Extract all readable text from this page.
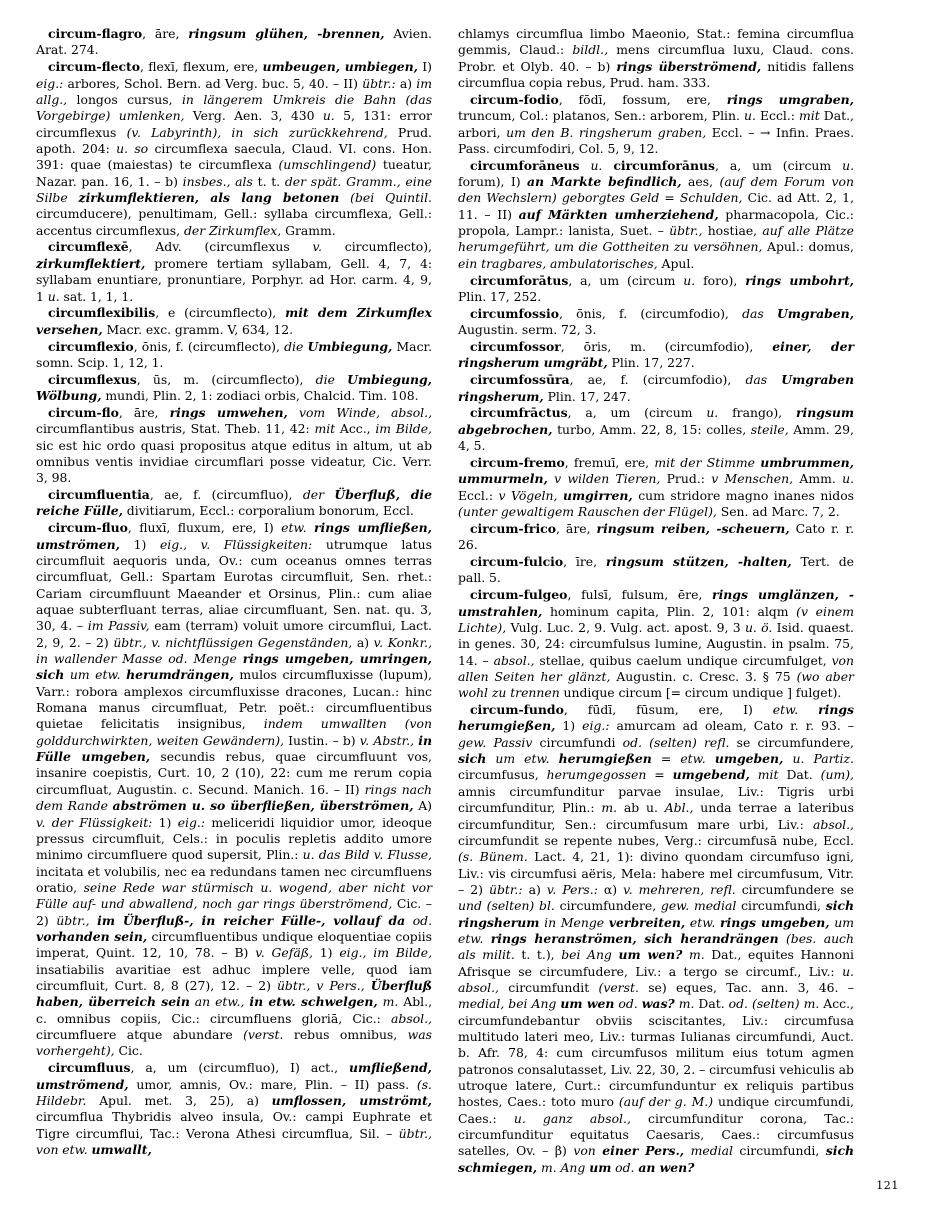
circum-flagro, āre, ringsum glühen, -brennen, Avien. Arat. 274.

circum-flecto, flexī, flexum, ere, umbeugen, umbiegen, I) eig.: arbores, Schol. Bern. ad Verg. buc. 5, 40. – II) übtr.: a) im allg., longos cursus, in längerem Umkreis die Bahn (das Vorgebirge) umlenken, Verg. Aen. 3, 430 u. 5, 131: error circumflexus (v. Labyrinth), in sich zurückkehrend, Prud. apoth. 204: u. so circumflexa saecula, Claud. VI. cons. Hon. 391: quae (maiestas) te circumflexa (umschlingend) tueatur, Nazar. pan. 16, 1. – b) insbes., als t. t. der spät. Gramm., eine Silbe zirkumflektieren, als lang betonen (bei Quintil. circumducere), penultimam, Gell.: syllaba circumflexa, Gell.: accentus circumflexus, der Zirkumflex, Gramm.

circumflexē, Adv. (circumflexus v. circumflecto), zirkumflektiert, promere tertiam syllabam, Gell. 4, 7, 4: syllabam enuntiare, pronuntiare, Porphyr. ad Hor. carm. 4, 9, 1 u. sat. 1, 1, 1.

circumflexibilis, e (circumflecto), mit dem Zirkumflex versehen, Macr. exc. gramm. V, 634, 12.

circumflexio, ōnis, f. (circumflecto), die Umbiegung, Macr. somn. Scip. 1, 12, 1.

circumflexus, ūs, m. (circumflecto), die Umbiegung, Wölbung, mundi, Plin. 2, 1: zodiaci orbis, Chalcid. Tim. 108.

circum-flo, āre, rings umwehen, vom Winde, absol., circumflantibus austris, Stat. Theb. 11, 42: mit Acc., im Bilde, sic est hic ordo quasi propositus atque editus in altum, ut ab omnibus ventis invidiae circumflari posse videatur, Cic. Verr. 3, 98.

circumfluentia, ae, f. (circumfluo), der Überfluß, die reiche Fülle, divitiarum, Eccl.: corporalium bonorum, Eccl.

circum-fluo, fluxī, fluxum, ere, I) etw. rings umfließen, umströmen, 1) eig., v. Flüssigkeiten: utrumque latus circumfluit aequoris unda, Ov.: cum oceanus omnes terras circumfluat, Gell.: Spartam Eurotas circumfluit, Sen. rhet.: Cariam circumfluunt Maeander et Orsinus, Plin.: cum aliae aquae subterfluant terras, aliae circumfluant, Sen. nat. qu. 3, 30, 4. – im Passiv, eam (terram) voluit umore circumflui, Lact. 2, 9, 2. – 2) übtr., v. nichtflüssigen Gegenständen, a) v. Konkr., in wallender Masse od. Menge rings umgeben, umringen, sich um etw. herumdrängen, mulos circumfluxisse (lupum), Varr.: robora amplexos circumfluxisse dracones, Lucan.: hinc Romana manus circumfluat, Petr. poët.: circumfluentibus quietae felicitatis insignibus, indem umwallten (von golddurchwirkten, weiten Gewändern), Iustin. – b) v. Abstr., in Fülle umgeben, secundis rebus, quae circumfluunt vos, insanire coepistis, Curt. 10, 2 (10), 22: cum me rerum copia circumfluat, Augustin. c. Secund. Manich. 16. – II) rings nach dem Rande abströmen u. so überfließen, überströmen, A) v. der Flüssigkeit: 1) eig.: meliceridi liquidior umor, ideoque pressus circumfluit, Cels.: in poculis repletis addito umore minimo circumfluere quod supersit, Plin.: u. das Bild v. Flusse, incitata et volubilis, nec ea redundans tamen nec circumfluens oratio, seine Rede war stürmisch u. wogend, aber nicht vor Fülle auf- und abwallend, noch gar rings überströmend, Cic. – 2) übtr., im Überfluß-, in reicher Fülle-, vollauf da od. vorhanden sein, circumfluentibus undique eloquentiae copiis imperat, Quint. 12, 10, 78. – B) v. Gefäß, 1) eig., im Bilde, insatiabilis avaritiae est adhuc implere velle, quod iam circumfluit, Curt. 8, 8 (27), 12. – 2) übtr., v Pers., Überfluß haben, überreich sein an etw., in etw. schwelgen, m. Abl., c. omnibus copiis, Cic.: circumfluens gloriā, Cic.: absol., circumfluere atque abundare (verst. rebus omnibus, was vorhergeht), Cic.

circumfluus, a, um (circumfluo), I) act., umfließend, umströmend, umor, amnis, Ov.: mare, Plin. – II) pass. (s. Hildebr. Apul. met. 3, 25), a) umflossen, umströmt, circumflua Thybridis alveo insula, Ov.: campi Euphrate et Tigre circumflui, Tac.: Verona Athesi circumflua, Sil. – übtr., von etw. umwallt,

chlamys circumflua limbo Maeonio, Stat.: femina circumflua gemmis, Claud.: bildl., mens circumflua luxu, Claud. cons. Probr. et Olyb. 40. – b) rings überströmend, nitidis fallens circumflua copia rebus, Prud. ham. 333.

circum-fodio, fōdī, fossum, ere, rings umgraben, truncum, Col.: platanos, Sen.: arborem, Plin. u. Eccl.: mit Dat., arbori, um den B. ringsherum graben, Eccl. – → Infin. Praes. Pass. circumfodiri, Col. 5, 9, 12.

circumforāneus u. circumforānus, a, um (circum u. forum), I) an Markte befindlich, aes, (auf dem Forum von den Wechslern) geborgtes Geld = Schulden, Cic. ad Att. 2, 1, 11. – II) auf Märkten umherziehend, pharmacopola, Cic.: propola, Lampr.: lanista, Suet. – übtr., hostiae, auf alle Plätze herumgeführt, um die Gottheiten zu versöhnen, Apul.: domus, ein tragbares, ambulatorisches, Apul.

circumforātus, a, um (circum u. foro), rings umbohrt, Plin. 17, 252.

circumfossio, ōnis, f. (circumfodio), das Umgraben, Augustin. serm. 72, 3.

circumfossor, ōris, m. (circumfodio), einer, der ringsherum umgräbt, Plin. 17, 227.

circumfossūra, ae, f. (circumfodio), das Umgraben ringsherum, Plin. 17, 247.

circumfrāctus, a, um (circum u. frango), ringsum abgebrochen, turbo, Amm. 22, 8, 15: colles, steile, Amm. 29, 4, 5.

circum-fremo, fremuī, ere, mit der Stimme umbrummen, ummurmeln, v wilden Tieren, Prud.: v Menschen, Amm. u. Eccl.: v Vögeln, umgirren, cum stridore magno inanes nidos (unter gewaltigem Rauschen der Flügel), Sen. ad Marc. 7, 2.

circum-frico, āre, ringsum reiben, -scheuern, Cato r. r. 26.

circum-fulcio, īre, ringsum stützen, -halten, Tert. de pall. 5.

circum-fulgeo, fulsī, fulsum, ēre, rings umglänzen, -umstrahlen, hominum capita, Plin. 2, 101: alqm (v einem Lichte), Vulg. Luc. 2, 9. Vulg. act. apost. 9, 3 u. ö. Isid. quaest. in genes. 30, 24: circumfulsus lumine, Augustin. in psalm. 75, 14. – absol., stellae, quibus caelum undique circumfulget, von allen Seiten her glänzt, Augustin. c. Cresc. 3. § 75 (wo aber wohl zu trennen undique circum [= circum undique ] fulget).

circum-fundo, fūdī, fūsum, ere, I) etw. rings herumgießen, 1) eig.: amurcam ad oleam, Cato r. r. 93. – gew. Passiv circumfundi od. (selten) refl. se circumfundere, sich um etw. herumgießen = etw. umgeben, u. Partiz. circumfusus, herumgegossen = umgebend, mit Dat. (um), amnis circumfunditur parvae insulae, Liv.: Tigris urbi circumfunditur, Plin.: m. ab u. Abl., unda terrae a lateribus circumfunditur, Sen.: circumfusum mare urbi, Liv.: absol., circumfundit se repente nubes, Verg.: circumfusā nube, Eccl. (s. Bünem. Lact. 4, 21, 1): divino quondam circumfuso igni, Liv.: vis circumfusi aëris, Mela: habere mel circumfusum, Vitr. – 2) übtr.: a) v. Pers.: α) v. mehreren, refl. circumfundere se und (selten) bl. circumfundere, gew. medial circumfundi, sich ringsherum in Menge verbreiten, etw. rings umgeben, um etw. rings heranströmen, sich herandrängen (bes. auch als milit. t. t.), bei Ang um wen? m. Dat., equites Hannoni Afrisque se circumfudere, Liv.: a tergo se circumf., Liv.: u. absol., circumfundit (verst. se) eques, Tac. ann. 3, 46. – medial, bei Ang um wen od. was? m. Dat. od. (selten) m. Acc., circumfundebantur obviis sciscitantes, Liv.: circumfusa multitudo lateri meo, Liv.: turmas Iulianas circumfundi, Auct. b. Afr. 78, 4: cum circumfusos militum eius totum agmen patronos consalutasset, Liv. 22, 30, 2. – circumfusi vehiculis ab utroque latere, Curt.: circumfunduntur ex reliquis partibus hostes, Caes.: toto muro (auf der g. M.) undique circumfundi, Caes.: u. ganz absol., circumfunditur corona, Tac.: circumfunditur equitatus Caesaris, Caes.: circumfusus satelles, Ov. – β) von einer Pers., medial circumfundi, sich schmiegen, m. Ang um od. an wen?

121
